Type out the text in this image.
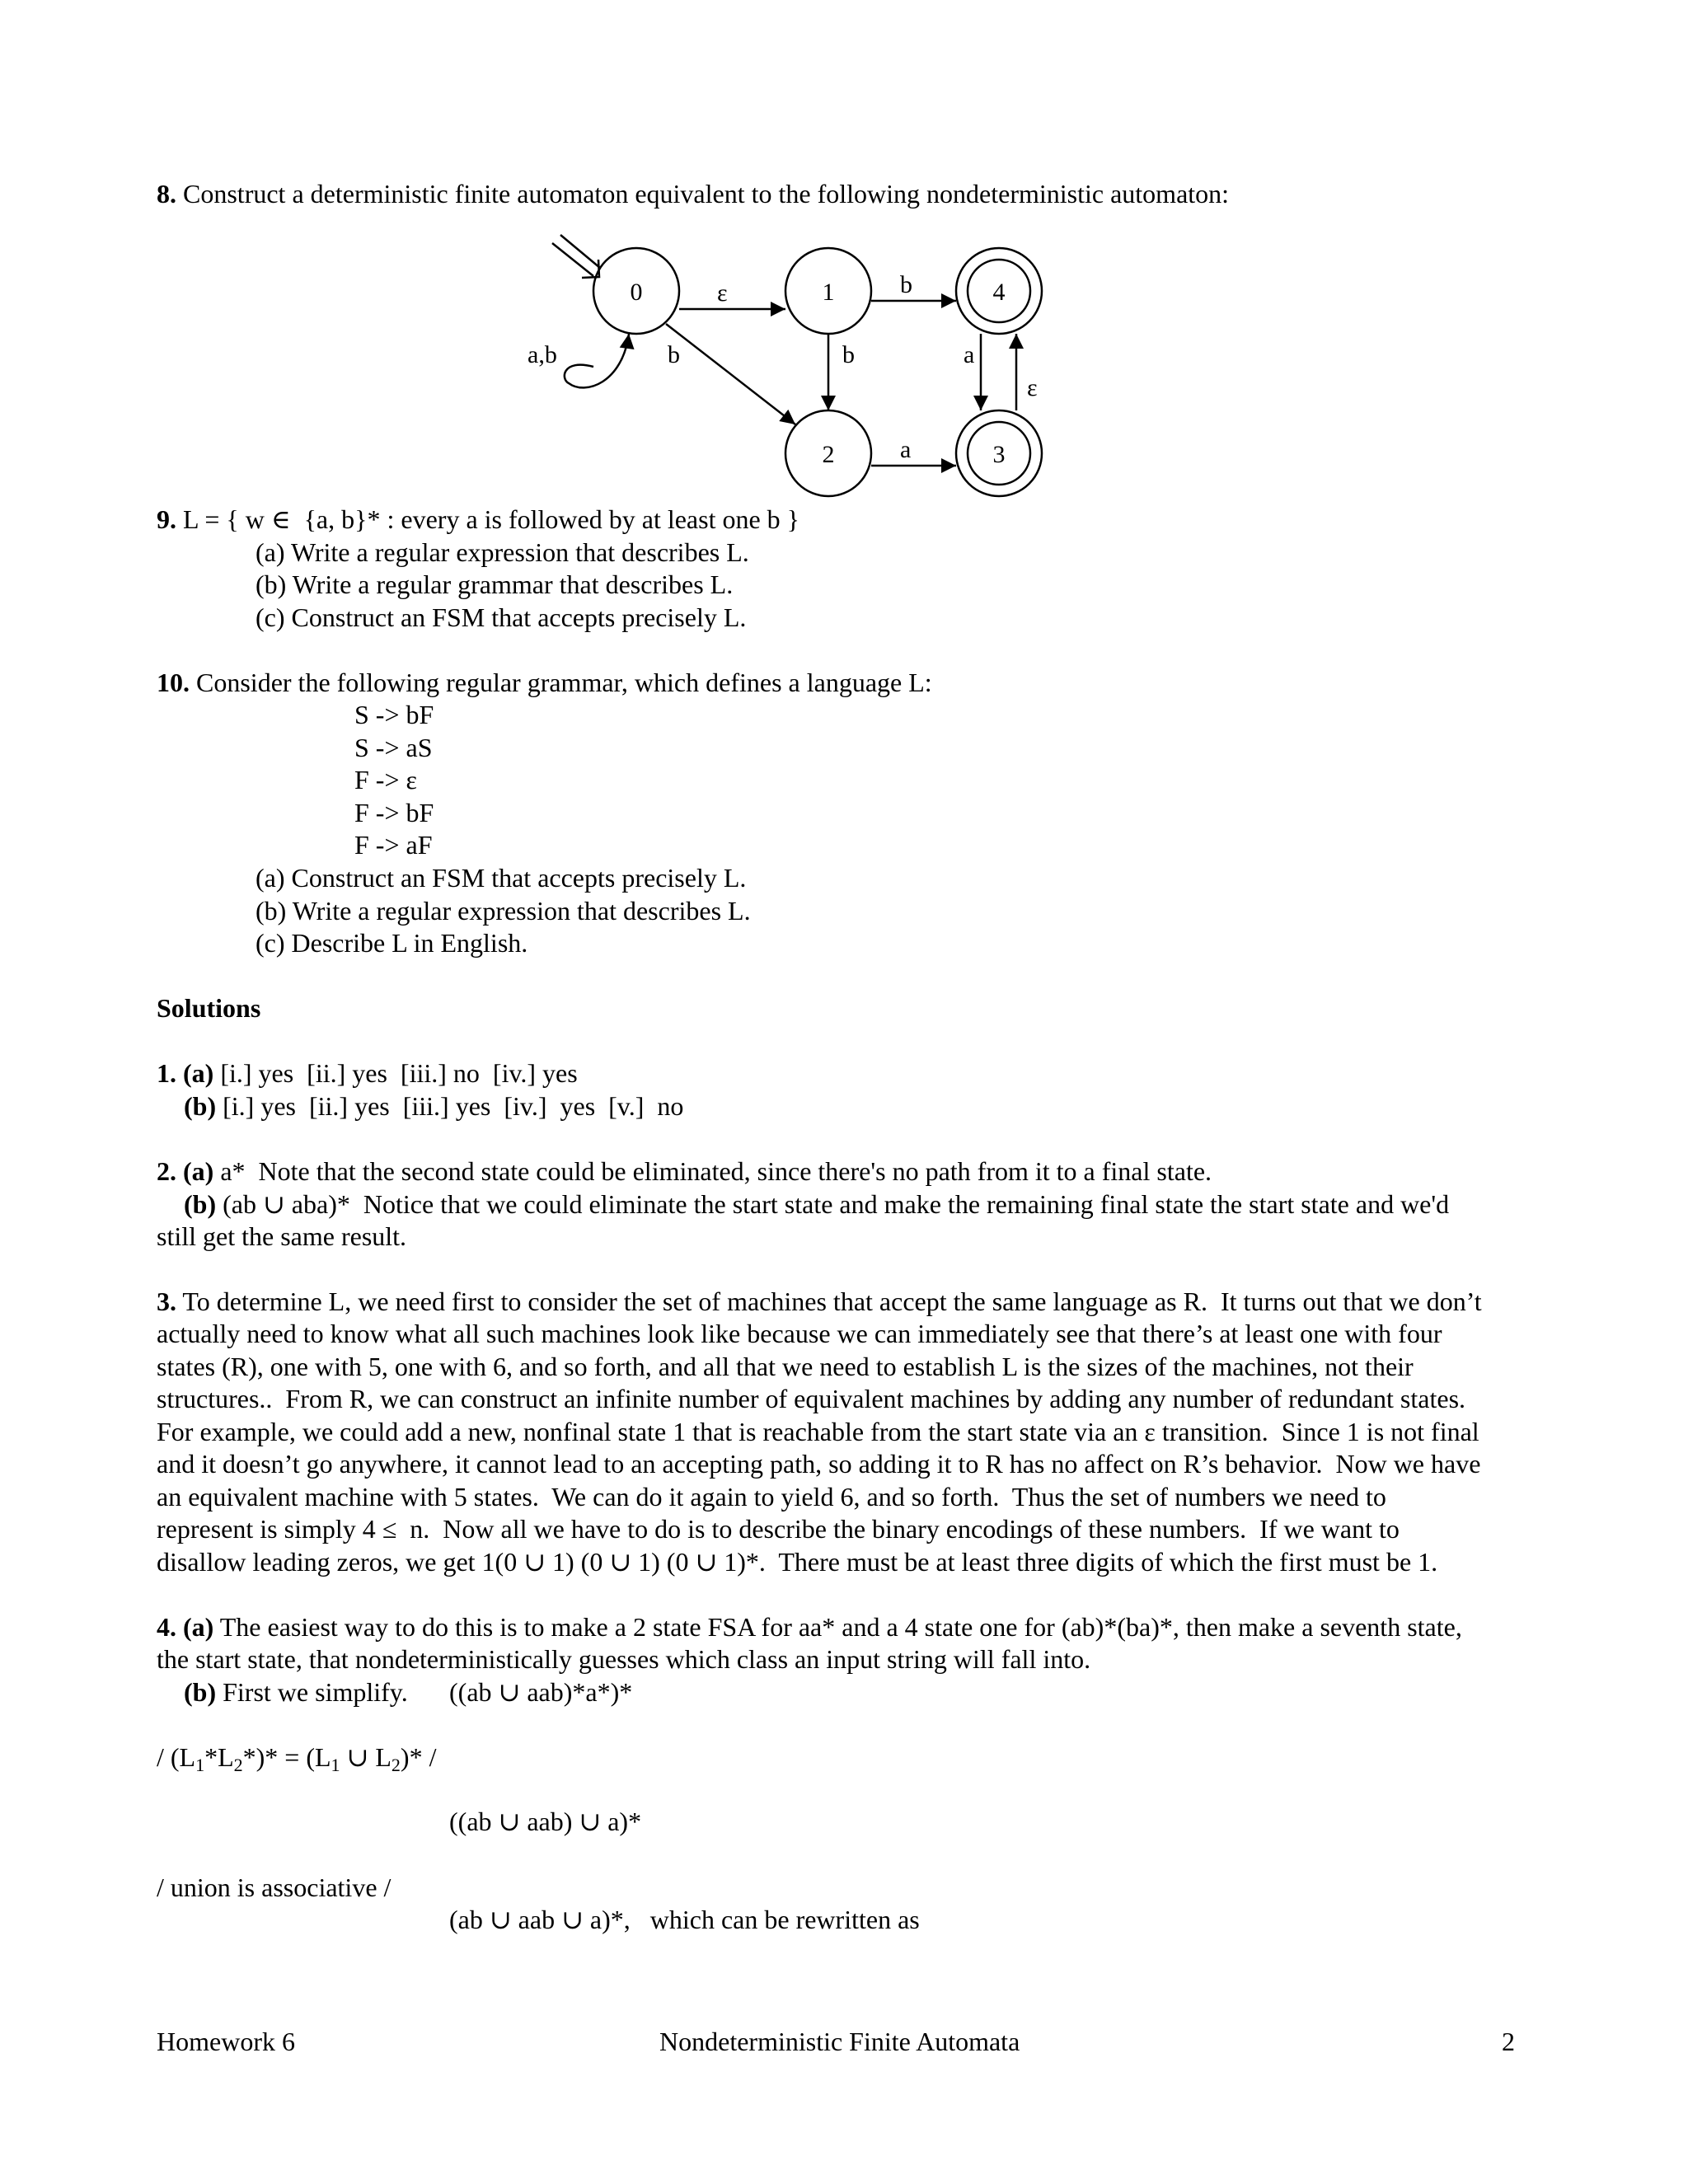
8. Construct a deterministic finite automaton equivalent to the following nondeterministic automaton:
0	1
2	3
4
ε	b
b
b
a,b	a
ε
a
9. L = { w ∈  {a, b}* : every a is followed by at least one b }
(a) Write a regular expression that describes L.
(b) Write a regular grammar that describes L.
(c) Construct an FSM that accepts precisely L.
10. Consider the following regular grammar, which defines a language L:
S -> bF
S -> aS
F -> ε
F -> bF
F -> aF
(a) Construct an FSM that accepts precisely L.
(b) Write a regular expression that describes L.
(c) Describe L in English.
Solutions
1. (a) [i.] yes  [ii.] yes  [iii.] no  [iv.] yes
(b) [i.] yes  [ii.] yes  [iii.] yes  [iv.]  yes  [v.]  no
2. (a) a*  Note that the second state could be eliminated, since there's no path from it to a final state.
(b) (ab ∪ aba)*  Notice that we could eliminate the start state and make the remaining final state the start state and we'd
still get the same result.
3. To determine L, we need first to consider the set of machines that accept the same language as R.  It turns out that we don’t
actually need to know what all such machines look like because we can immediately see that there’s at least one with four
states (R), one with 5, one with 6, and so forth, and all that we need to establish L is the sizes of the machines, not their
structures..  From R, we can construct an infinite number of equivalent machines by adding any number of redundant states.
For example, we could add a new, nonfinal state 1 that is reachable from the start state via an ε transition.  Since 1 is not final
and it doesn’t go anywhere, it cannot lead to an accepting path, so adding it to R has no affect on R’s behavior.  Now we have
an equivalent machine with 5 states.  We can do it again to yield 6, and so forth.  Thus the set of numbers we need to
represent is simply 4 ≤  n.  Now all we have to do is to describe the binary encodings of these numbers.  If we want to
disallow leading zeros, we get 1(0 ∪ 1) (0 ∪ 1) (0 ∪ 1)*.  There must be at least three digits of which the first must be 1.
4. (a) The easiest way to do this is to make a 2 state FSA for aa* and a 4 state one for (ab)*(ba)*, then make a seventh state,
the start state, that nondeterministically guesses which class an input string will fall into.
(b) First we simplify. ((ab ∪ aab)*a*)*
/ $(L_1*L_2*)* = (L_1$ ∪ $L_2)*$ /
((ab ∪ aab) ∪ a)*
/ union is associative /
(ab ∪ aab ∪ a)*,   which can be rewritten as
Homework 6	Nondeterministic Finite Automata	2
